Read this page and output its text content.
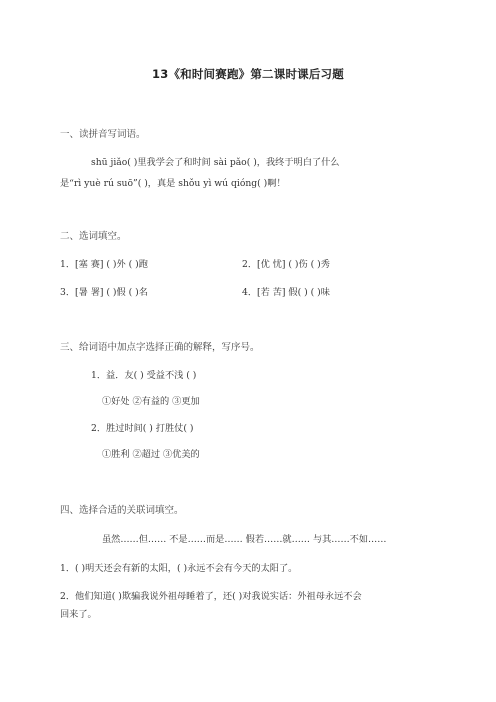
13《和时间赛跑》第二课时课后习题
一、读拼音写词语。
shū jiǎo( )里我学会了和时间 sài pǎo( )，我终于明白了什么
是“rì yuè rú suō”( )，真是 shǒu yì wú qióng( )啊！
二、选词填空。
1．[塞 赛] ( )外 ( )跑	2．[优 忧] ( )伤 ( )秀
3．[暑 署] ( )假 ( )名	4．[若 苦] 假( ) ( )味
三、给词语中加点字选择正确的解释，写序号。
1．益．友( ) 受益不浅 ( )
①好处 ②有益的 ③更加
2．胜过时间( ) 打胜仗( )
①胜利 ②超过 ③优美的
四、选择合适的关联词填空。
虽然……但…… 不是……而是…… 假若……就…… 与其……不如……
1．( )明天还会有新的太阳，( )永远不会有今天的太阳了。
2．他们知道( )欺骗我说外祖母睡着了，还( )对我说实话：外祖母永远不会
回来了。
